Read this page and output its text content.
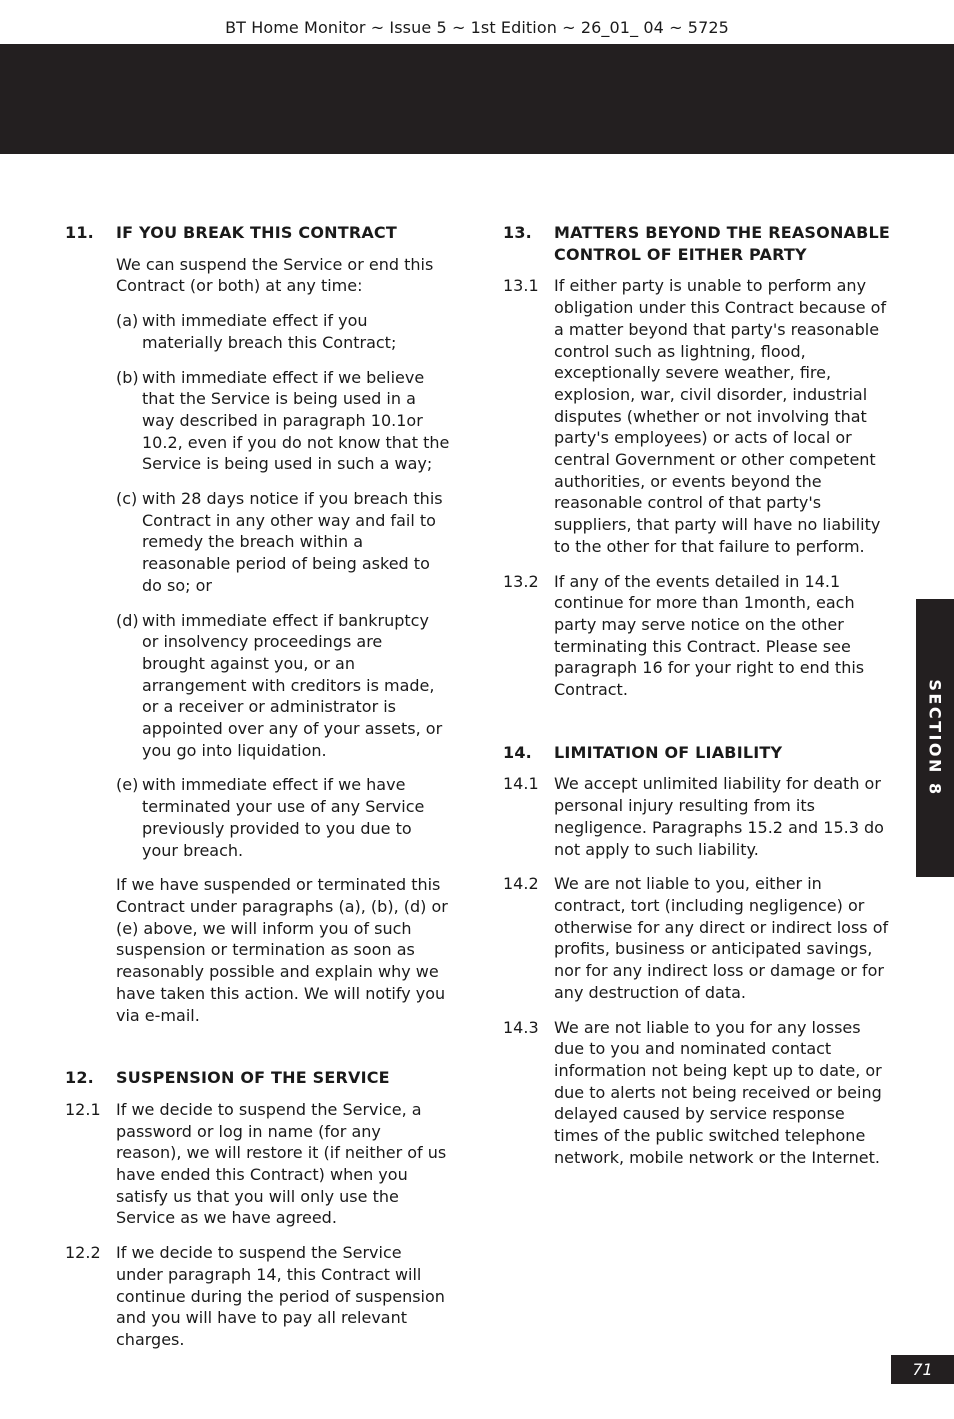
BT Home Monitor ~ Issue 5 ~ 1st Edition ~ 26_01_ 04 ~ 5725
11.	IF YOU BREAK THIS CONTRACT
We can suspend the Service or end this Contract (or both) at any time:
(a) with immediate effect if you materially breach this Contract;
(b) with immediate effect if we believe that the Service is being used in a way described in paragraph 10.1or 10.2, even if you do not know that the Service is being used in such a way;
(c) with 28 days notice if you breach this Contract in any other way and fail to remedy the breach within a reasonable period of being asked to do so; or
(d) with immediate effect if bankruptcy or insolvency proceedings are brought against you, or an arrangement with creditors is made, or a receiver or administrator is appointed over any of your assets, or you go into liquidation.
(e) with immediate effect if we have terminated your use of any Service previously provided to you due to your breach.
If we have suspended or terminated this Contract under paragraphs (a), (b), (d) or (e) above, we will inform you of such suspension or termination as soon as reasonably possible and explain why we have taken this action. We will notify you via e-mail.
12.	SUSPENSION OF THE SERVICE
12.1 If we decide to suspend the Service, a password or log in name (for any reason), we will restore it (if neither of us have ended this Contract) when you satisfy us that you will only use the Service as we have agreed.
12.2 If we decide to suspend the Service under paragraph 14, this Contract will continue during the period of suspension and you will have to pay all relevant charges.
13.	MATTERS BEYOND THE REASONABLE CONTROL OF EITHER PARTY
13.1 If either party is unable to perform any obligation under this Contract because of a matter beyond that party's reasonable control such as lightning, flood, exceptionally severe weather, fire, explosion, war, civil disorder, industrial disputes (whether or not involving that party's employees) or acts of local or central Government or other competent authorities, or events beyond the reasonable control of that party's suppliers, that party will have no liability to the other for that failure to perform.
13.2 If any of the events detailed in 14.1 continue for more than 1month, each party may serve notice on the other terminating this Contract. Please see paragraph 16 for your right to end this Contract.
14.	LIMITATION OF LIABILITY
14.1 We accept unlimited liability for death or personal injury resulting from its negligence. Paragraphs 15.2 and 15.3 do not apply to such liability.
14.2 We are not liable to you, either in contract, tort (including negligence) or otherwise for any direct or indirect loss of profits, business or anticipated savings, nor for any indirect loss or damage or for any destruction of data.
14.3 We are not liable to you for any losses due to you and nominated contact information not being kept up to date, or due to alerts not being received or being delayed caused by service response times of the public switched telephone network, mobile network or the Internet.
SECTION 8
71
